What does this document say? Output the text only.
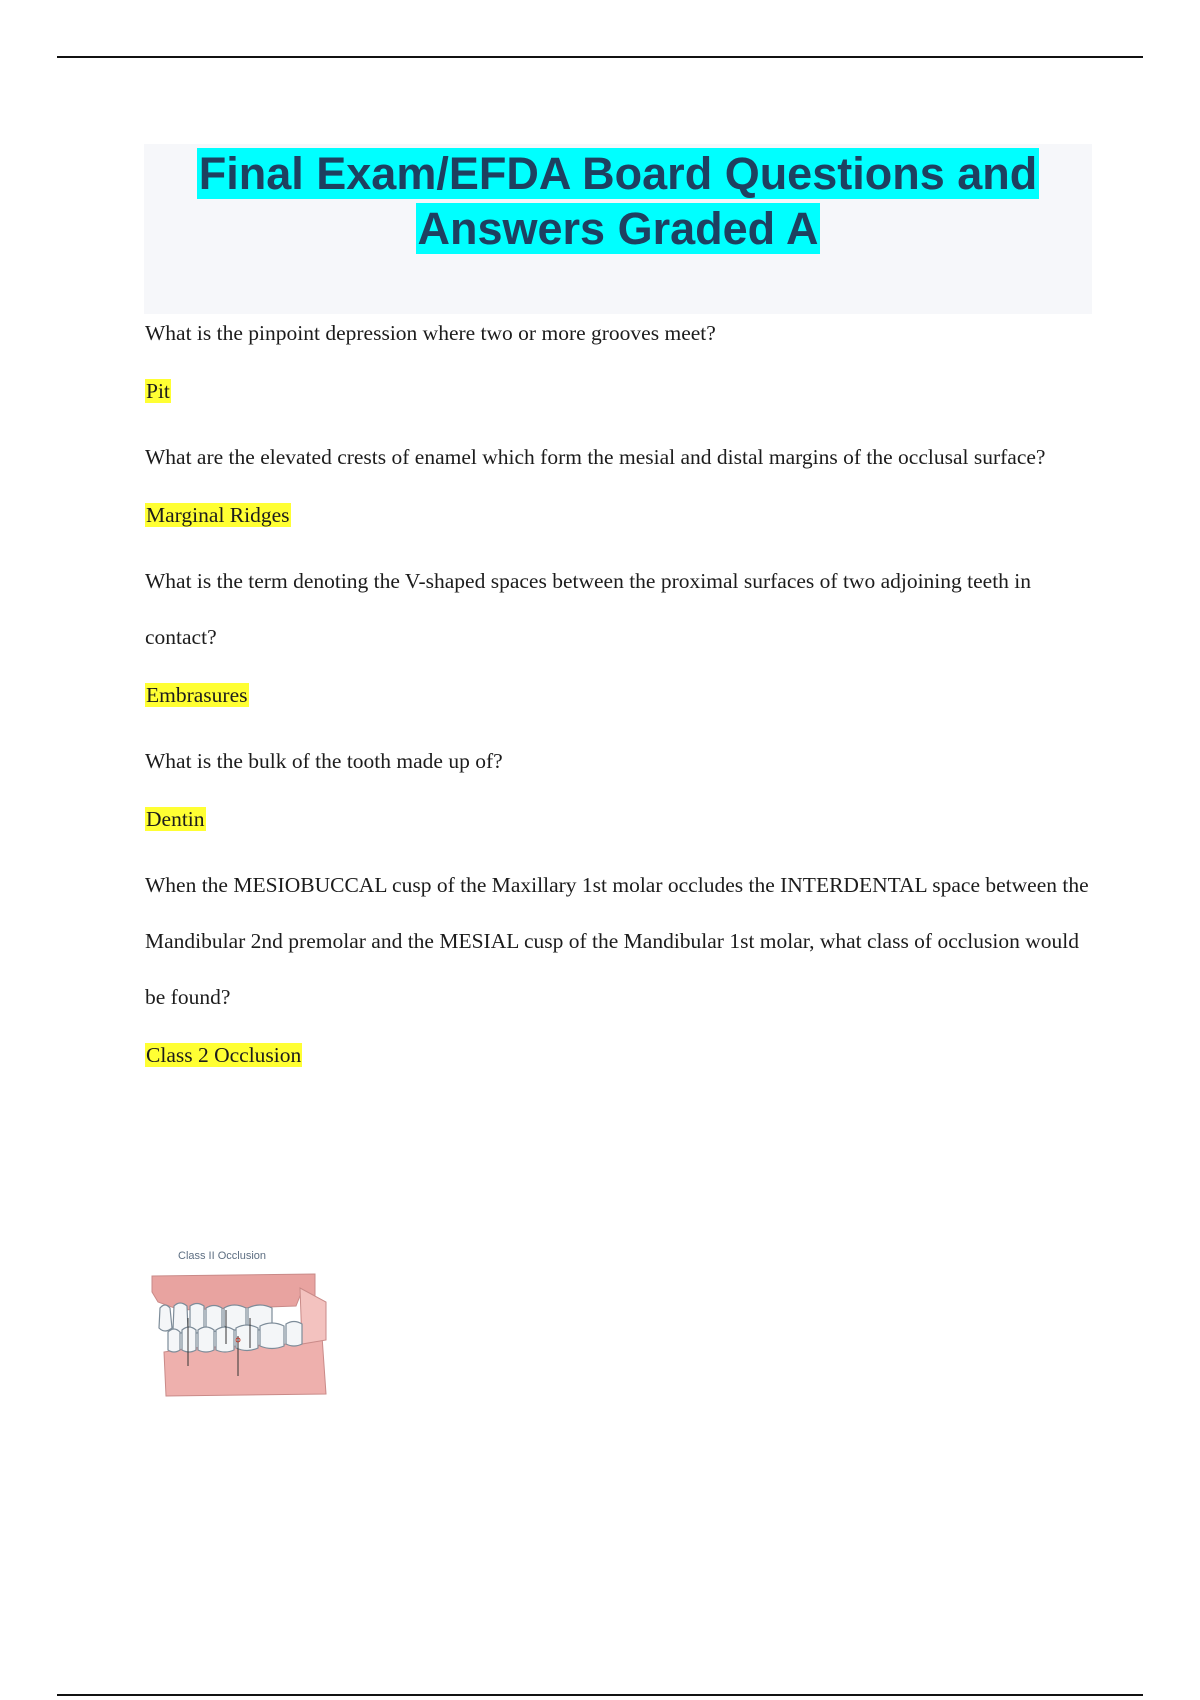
Final Exam/EFDA Board Questions and
Answers Graded A

What is the pinpoint depression where two or more grooves meet?

Pit

What are the elevated crests of enamel which form the mesial and distal margins of the occlusal surface?

Marginal Ridges

What is the term denoting the V-shaped spaces between the proximal surfaces of two adjoining teeth in contact?

Embrasures

What is the bulk of the tooth made up of?

Dentin

When the MESIOBUCCAL cusp of the Maxillary 1st molar occludes the INTERDENTAL space between the Mandibular 2nd premolar and the MESIAL cusp of the Mandibular 1st molar, what class of occlusion would be found?

Class 2 Occlusion

Class II Occlusion
